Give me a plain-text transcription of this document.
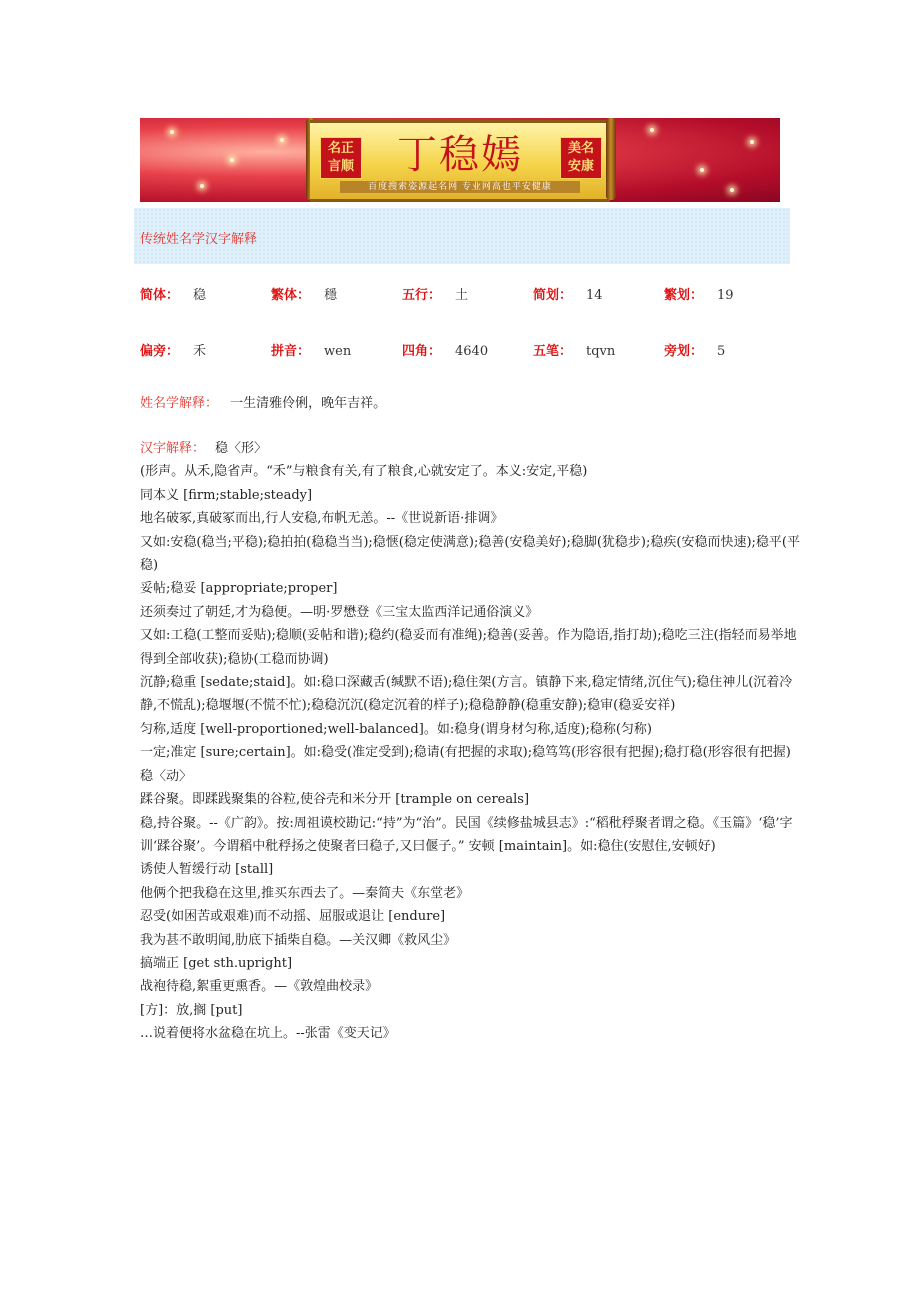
名正言顺	丁稳嫣	美名安康
百度搜索姿源起名网 专业网高也平安健康
传统姓名学汉字解释
简体： 稳	繁体： 穩	五行： 土	简划： 14	繁划： 19
偏旁： 禾	拼音： wen	四角： 4640	五笔： tqvn	旁划： 5
姓名学解释： 一生清雅伶俐，晚年吉祥。

汉字解释： 稳〈形〉

(形声。从禾,隐省声。“禾”与粮食有关,有了粮食,心就安定了。本义:安定,平稳)

同本义 [firm;stable;steady]

地名破冢,真破冢而出,行人安稳,布帆无恙。--《世说新语·排调》

又如:安稳(稳当;平稳);稳拍拍(稳稳当当);稳惬(稳定使满意);稳善(安稳美好);稳脚(犹稳步);稳疾(安稳而快速);稳平(平稳)

妥帖;稳妥 [appropriate;proper]

还须奏过了朝廷,才为稳便。—明·罗懋登《三宝太监西洋记通俗演义》

又如:工稳(工整而妥贴);稳顺(妥帖和谐);稳约(稳妥而有准绳);稳善(妥善。作为隐语,指打劫);稳吃三注(指轻而易举地得到全部收获);稳协(工稳而协调)

沉静;稳重 [sedate;staid]。如:稳口深藏舌(缄默不语);稳住架(方言。镇静下来,稳定情绪,沉住气);稳住神儿(沉着冷静,不慌乱);稳堰堰(不慌不忙);稳稳沉沉(稳定沉着的样子);稳稳静静(稳重安静);稳审(稳妥安祥)

匀称,适度 [well-proportioned;well-balanced]。如:稳身(谓身材匀称,适度);稳称(匀称)

一定;准定 [sure;certain]。如:稳受(准定受到);稳请(有把握的求取);稳笃笃(形容很有把握);稳打稳(形容很有把握)

稳〈动〉

蹂谷聚。即蹂践聚集的谷粒,使谷壳和米分开 [trample on cereals]

稳,持谷聚。--《广韵》。按:周祖谟校勘记:“持”为“治”。民国《续修盐城县志》:“稻秕稃聚者谓之稳。《玉篇》‘稳’字训‘蹂谷聚’。今谓稻中秕稃扬之使聚者曰稳子,又曰偃子。” 安顿 [maintain]。如:稳住(安慰住,安顿好)

诱使人暂缓行动 [stall]

他俩个把我稳在这里,推买东西去了。—秦简夫《东堂老》

忍受(如困苦或艰难)而不动摇、屈服或退让 [endure]

我为甚不敢明闻,肋底下插柴自稳。—关汉卿《救风尘》

搞端正 [get sth.upright]

战袍待稳,絮重更熏香。—《敦煌曲校录》

[方]：放,搁 [put]

…说着便将水盆稳在坑上。--张雷《变天记》
